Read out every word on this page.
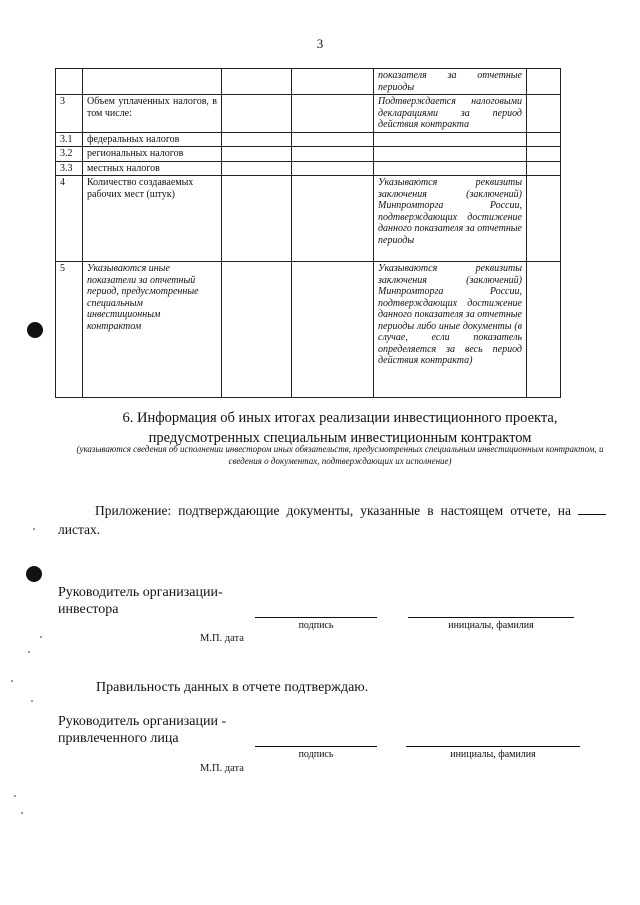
3
				показателя за отчетные периоды	
3	Объем уплаченных налогов, в том числе:			Подтверждается налоговыми декларациями за период действия контракта	
3.1	федеральных налогов				
3.2	региональных налогов				
3.3	местных налогов				
4	Количество создаваемых рабочих мест (штук)			Указываются реквизиты заключения (заключений) Минпромторга России, подтверждающих достижение данного показателя за отчетные периоды	
5	Указываются иные показатели за отчетный период, предусмотренные специальным инвестиционным контрактом			Указываются реквизиты заключения (заключений) Минпромторга России, подтверждающих достижение данного показателя за отчетные периоды либо иные документы (в случае, если показатель определяется за весь период действия контракта)	
6. Информация об иных итогах реализации инвестиционного проекта,
предусмотренных специальным инвестиционным контрактом
(указываются сведения об исполнении инвестором иных обязательств, предусмотренных специальным инвестиционным контрактом, и сведения о документах, подтверждающих их исполнение)
Приложение: подтверждающие документы, указанные в настоящем отчете, на  листах.
Руководитель организации-
инвестора
подпись	инициалы, фамилия
М.П. дата
Правильность данных в отчете подтверждаю.
Руководитель организации -
привлеченного лица
подпись	инициалы, фамилия
М.П. дата
